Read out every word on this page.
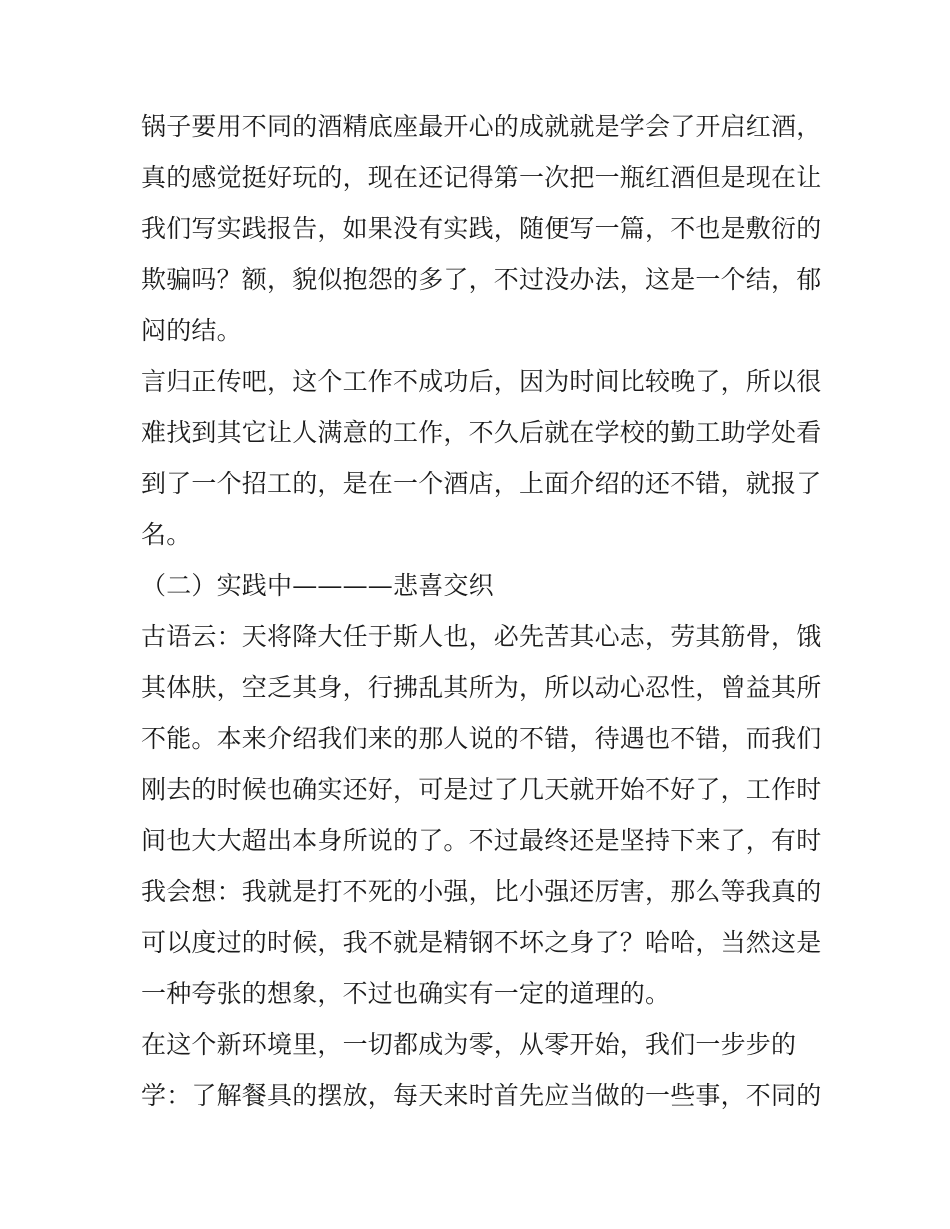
锅子要用不同的酒精底座最开心的成就就是学会了开启红酒，
真的感觉挺好玩的，现在还记得第一次把一瓶红酒但是现在让
我们写实践报告，如果没有实践，随便写一篇，不也是敷衍的
欺骗吗？额，貌似抱怨的多了，不过没办法，这是一个结，郁
闷的结。
言归正传吧，这个工作不成功后，因为时间比较晚了，所以很
难找到其它让人满意的工作，不久后就在学校的勤工助学处看
到了一个招工的，是在一个酒店，上面介绍的还不错，就报了
名。
（二）实践中————悲喜交织
古语云：天将降大任于斯人也，必先苦其心志，劳其筋骨，饿
其体肤，空乏其身，行拂乱其所为，所以动心忍性，曾益其所
不能。本来介绍我们来的那人说的不错，待遇也不错，而我们
刚去的时候也确实还好，可是过了几天就开始不好了，工作时
间也大大超出本身所说的了。不过最终还是坚持下来了，有时
我会想：我就是打不死的小强，比小强还厉害，那么等我真的
可以度过的时候，我不就是精钢不坏之身了？哈哈，当然这是
一种夸张的想象，不过也确实有一定的道理的。
在这个新环境里，一切都成为零，从零开始，我们一步步的
学：了解餐具的摆放，每天来时首先应当做的一些事，不同的
